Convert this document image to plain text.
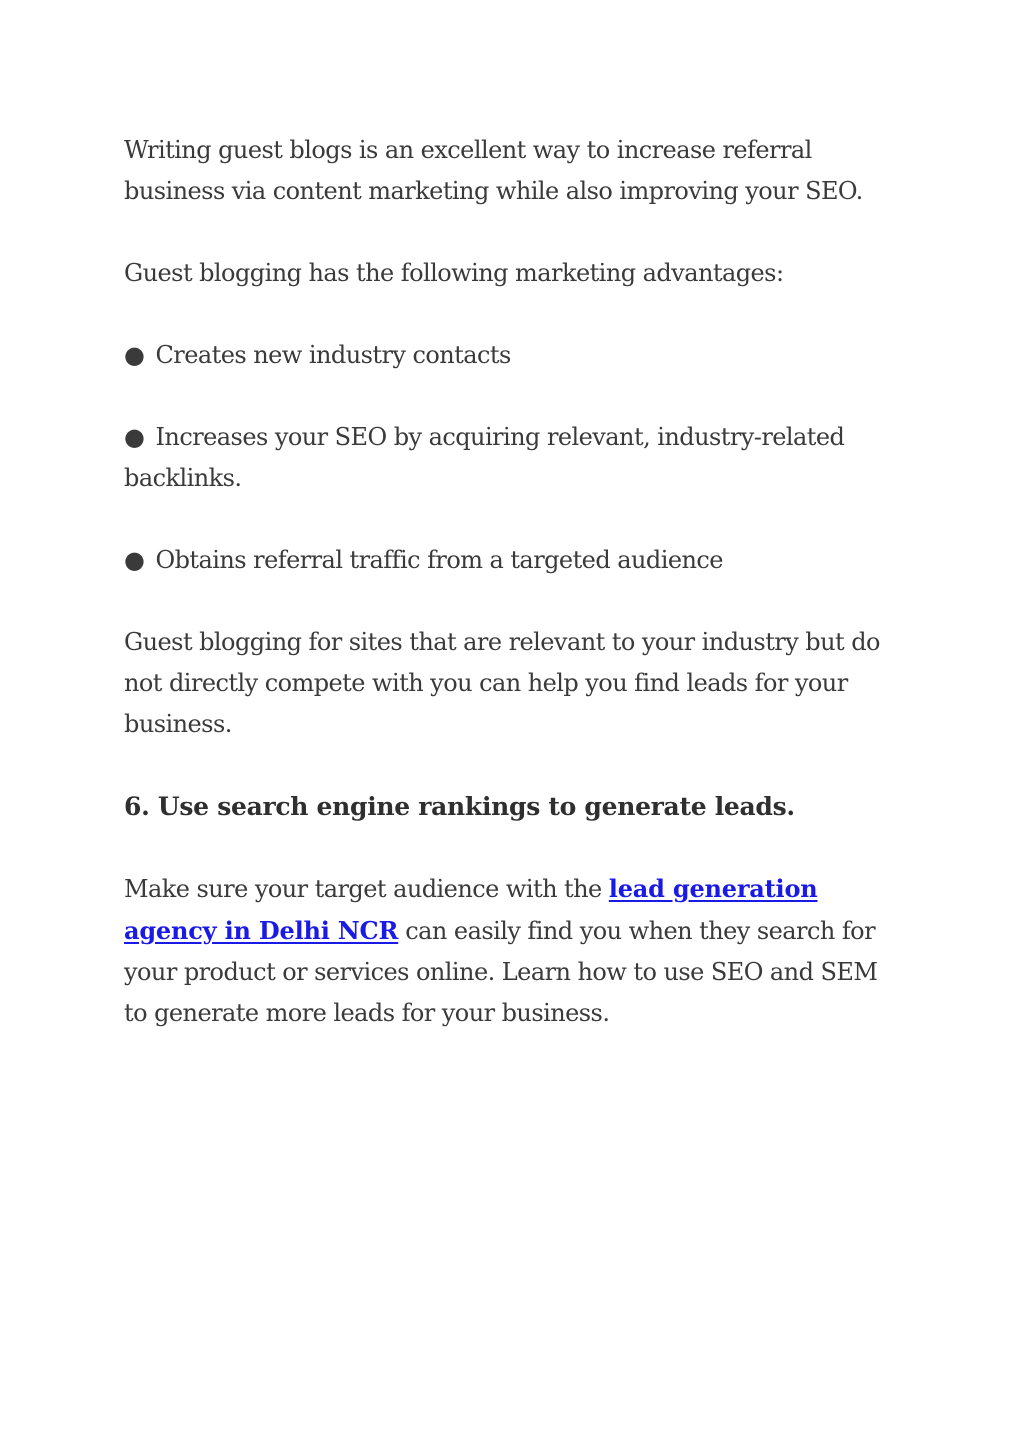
Writing guest blogs is an excellent way to increase referral business via content marketing while also improving your SEO.

Guest blogging has the following marketing advantages:

● Creates new industry contacts

● Increases your SEO by acquiring relevant, industry-related backlinks.

● Obtains referral traffic from a targeted audience

Guest blogging for sites that are relevant to your industry but do not directly compete with you can help you find leads for your business.

6. Use search engine rankings to generate leads.

Make sure your target audience with the lead generation agency in Delhi NCR can easily find you when they search for your product or services online. Learn how to use SEO and SEM to generate more leads for your business.
